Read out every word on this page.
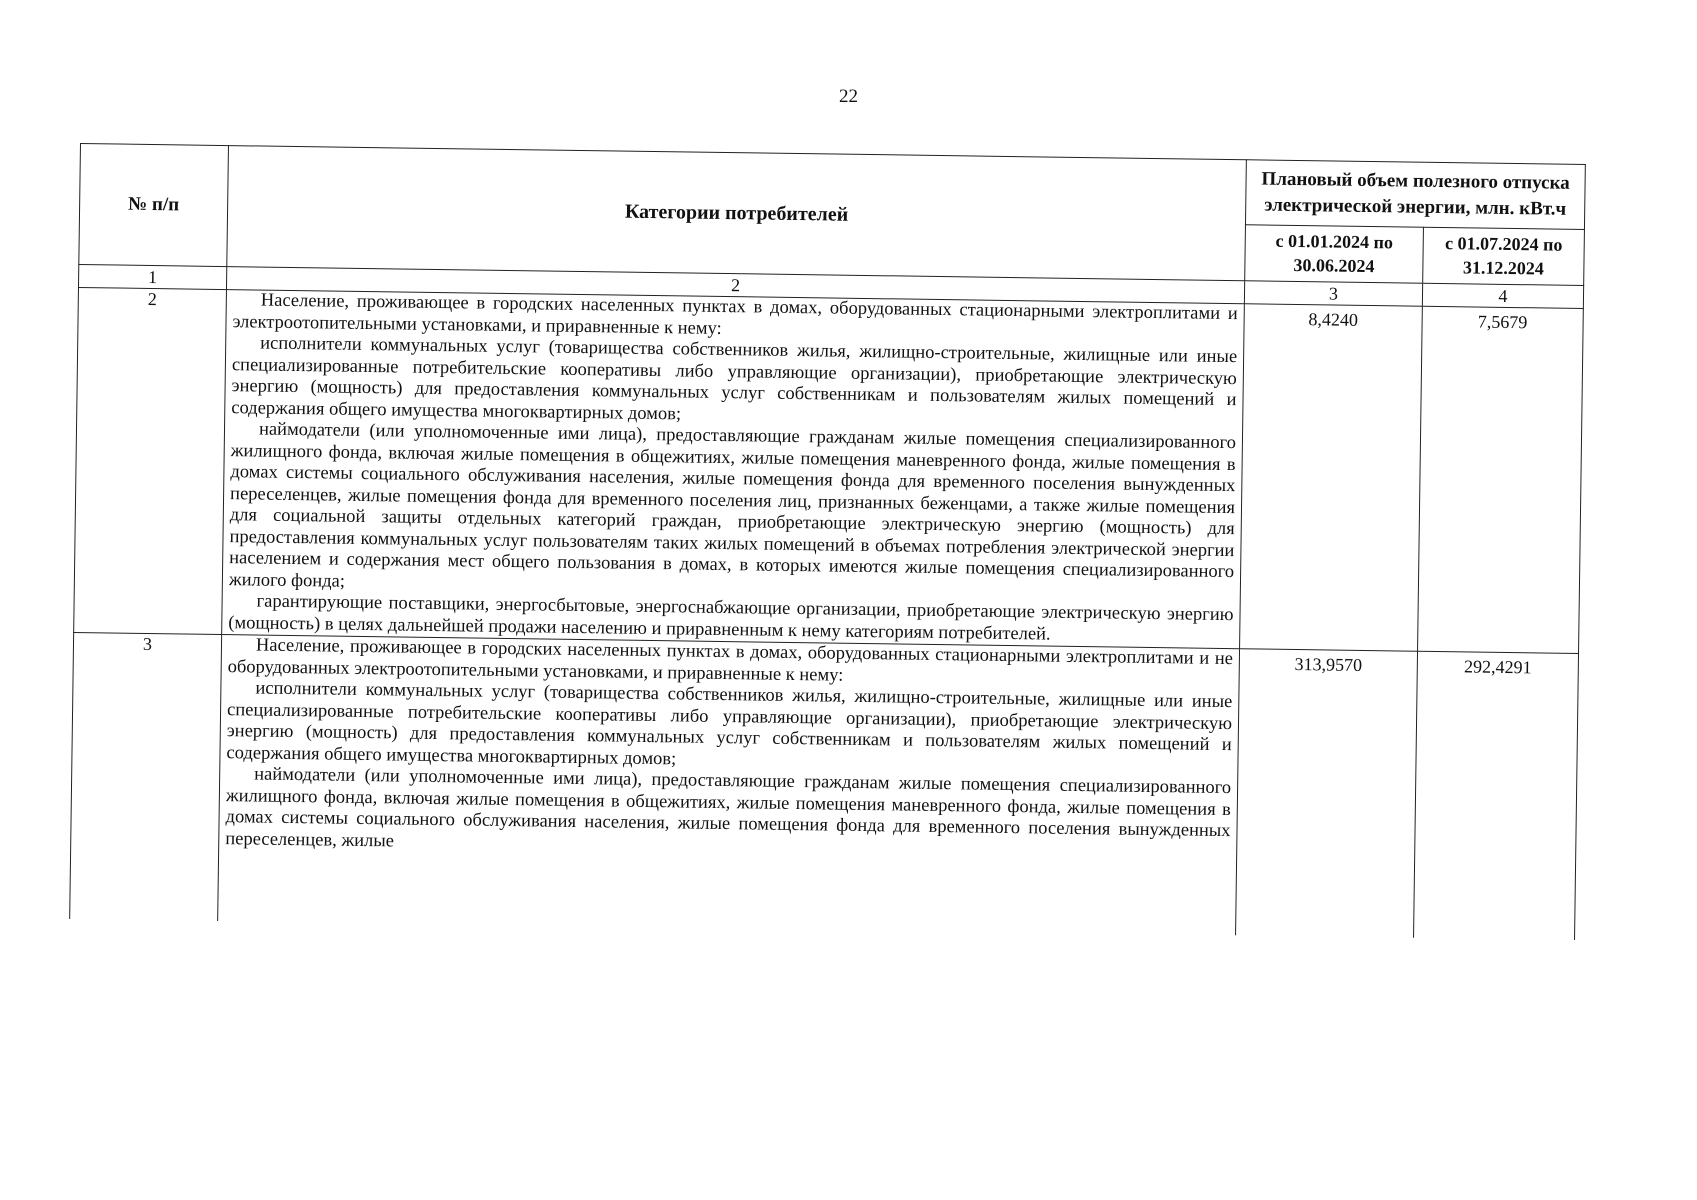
22
№ п/п	Категории потребителей	Плановый объем полезного отпуска электрической энергии, млн. кВт.ч	
		с 01.01.2024 по 30.06.2024	с 01.07.2024 по 31.12.2024
1	2	3	4
2	Население, проживающее в городских населенных пунктах в домах, оборудованных стационарными электроплитами и электроотопительными установками, и приравненные к нему:

исполнители коммунальных услуг (товарищества собственников жилья, жилищно-строительные, жилищные или иные специализированные потребительские кооперативы либо управляющие организации), приобретающие электрическую энергию (мощность) для предоставления коммунальных услуг собственникам и пользователям жилых помещений и содержания общего имущества многоквартирных домов;

наймодатели (или уполномоченные ими лица), предоставляющие гражданам жилые помещения специализированного жилищного фонда, включая жилые помещения в общежитиях, жилые помещения маневренного фонда, жилые помещения в домах системы социального обслуживания населения, жилые помещения фонда для временного поселения вынужденных переселенцев, жилые помещения фонда для временного поселения лиц, признанных беженцами, а также жилые помещения для социальной защиты отдельных категорий граждан, приобретающие электрическую энергию (мощность) для предоставления коммунальных услуг пользователям таких жилых помещений в объемах потребления электрической энергии населением и содержания мест общего пользования в домах, в которых имеются жилые помещения специализированного жилого фонда;

гарантирующие поставщики, энергосбытовые, энергоснабжающие организации, приобретающие электрическую энергию (мощность) в целях дальнейшей продажи населению и приравненным к нему категориям потребителей.	8,4240	7,5679
3	Население, проживающее в городских населенных пунктах в домах, оборудованных стационарными электроплитами и не оборудованных электроотопительными установками, и приравненные к нему:

исполнители коммунальных услуг (товарищества собственников жилья, жилищно-строительные, жилищные или иные специализированные потребительские кооперативы либо управляющие организации), приобретающие электрическую энергию (мощность) для предоставления коммунальных услуг собственникам и пользователям жилых помещений и содержания общего имущества многоквартирных домов;

наймодатели (или уполномоченные ими лица), предоставляющие гражданам жилые помещения специализированного жилищного фонда, включая жилые помещения в общежитиях, жилые помещения маневренного фонда, жилые помещения в домах системы социального обслуживания населения, жилые помещения фонда для временного поселения вынужденных переселенцев, жилые	313,9570	292,4291
